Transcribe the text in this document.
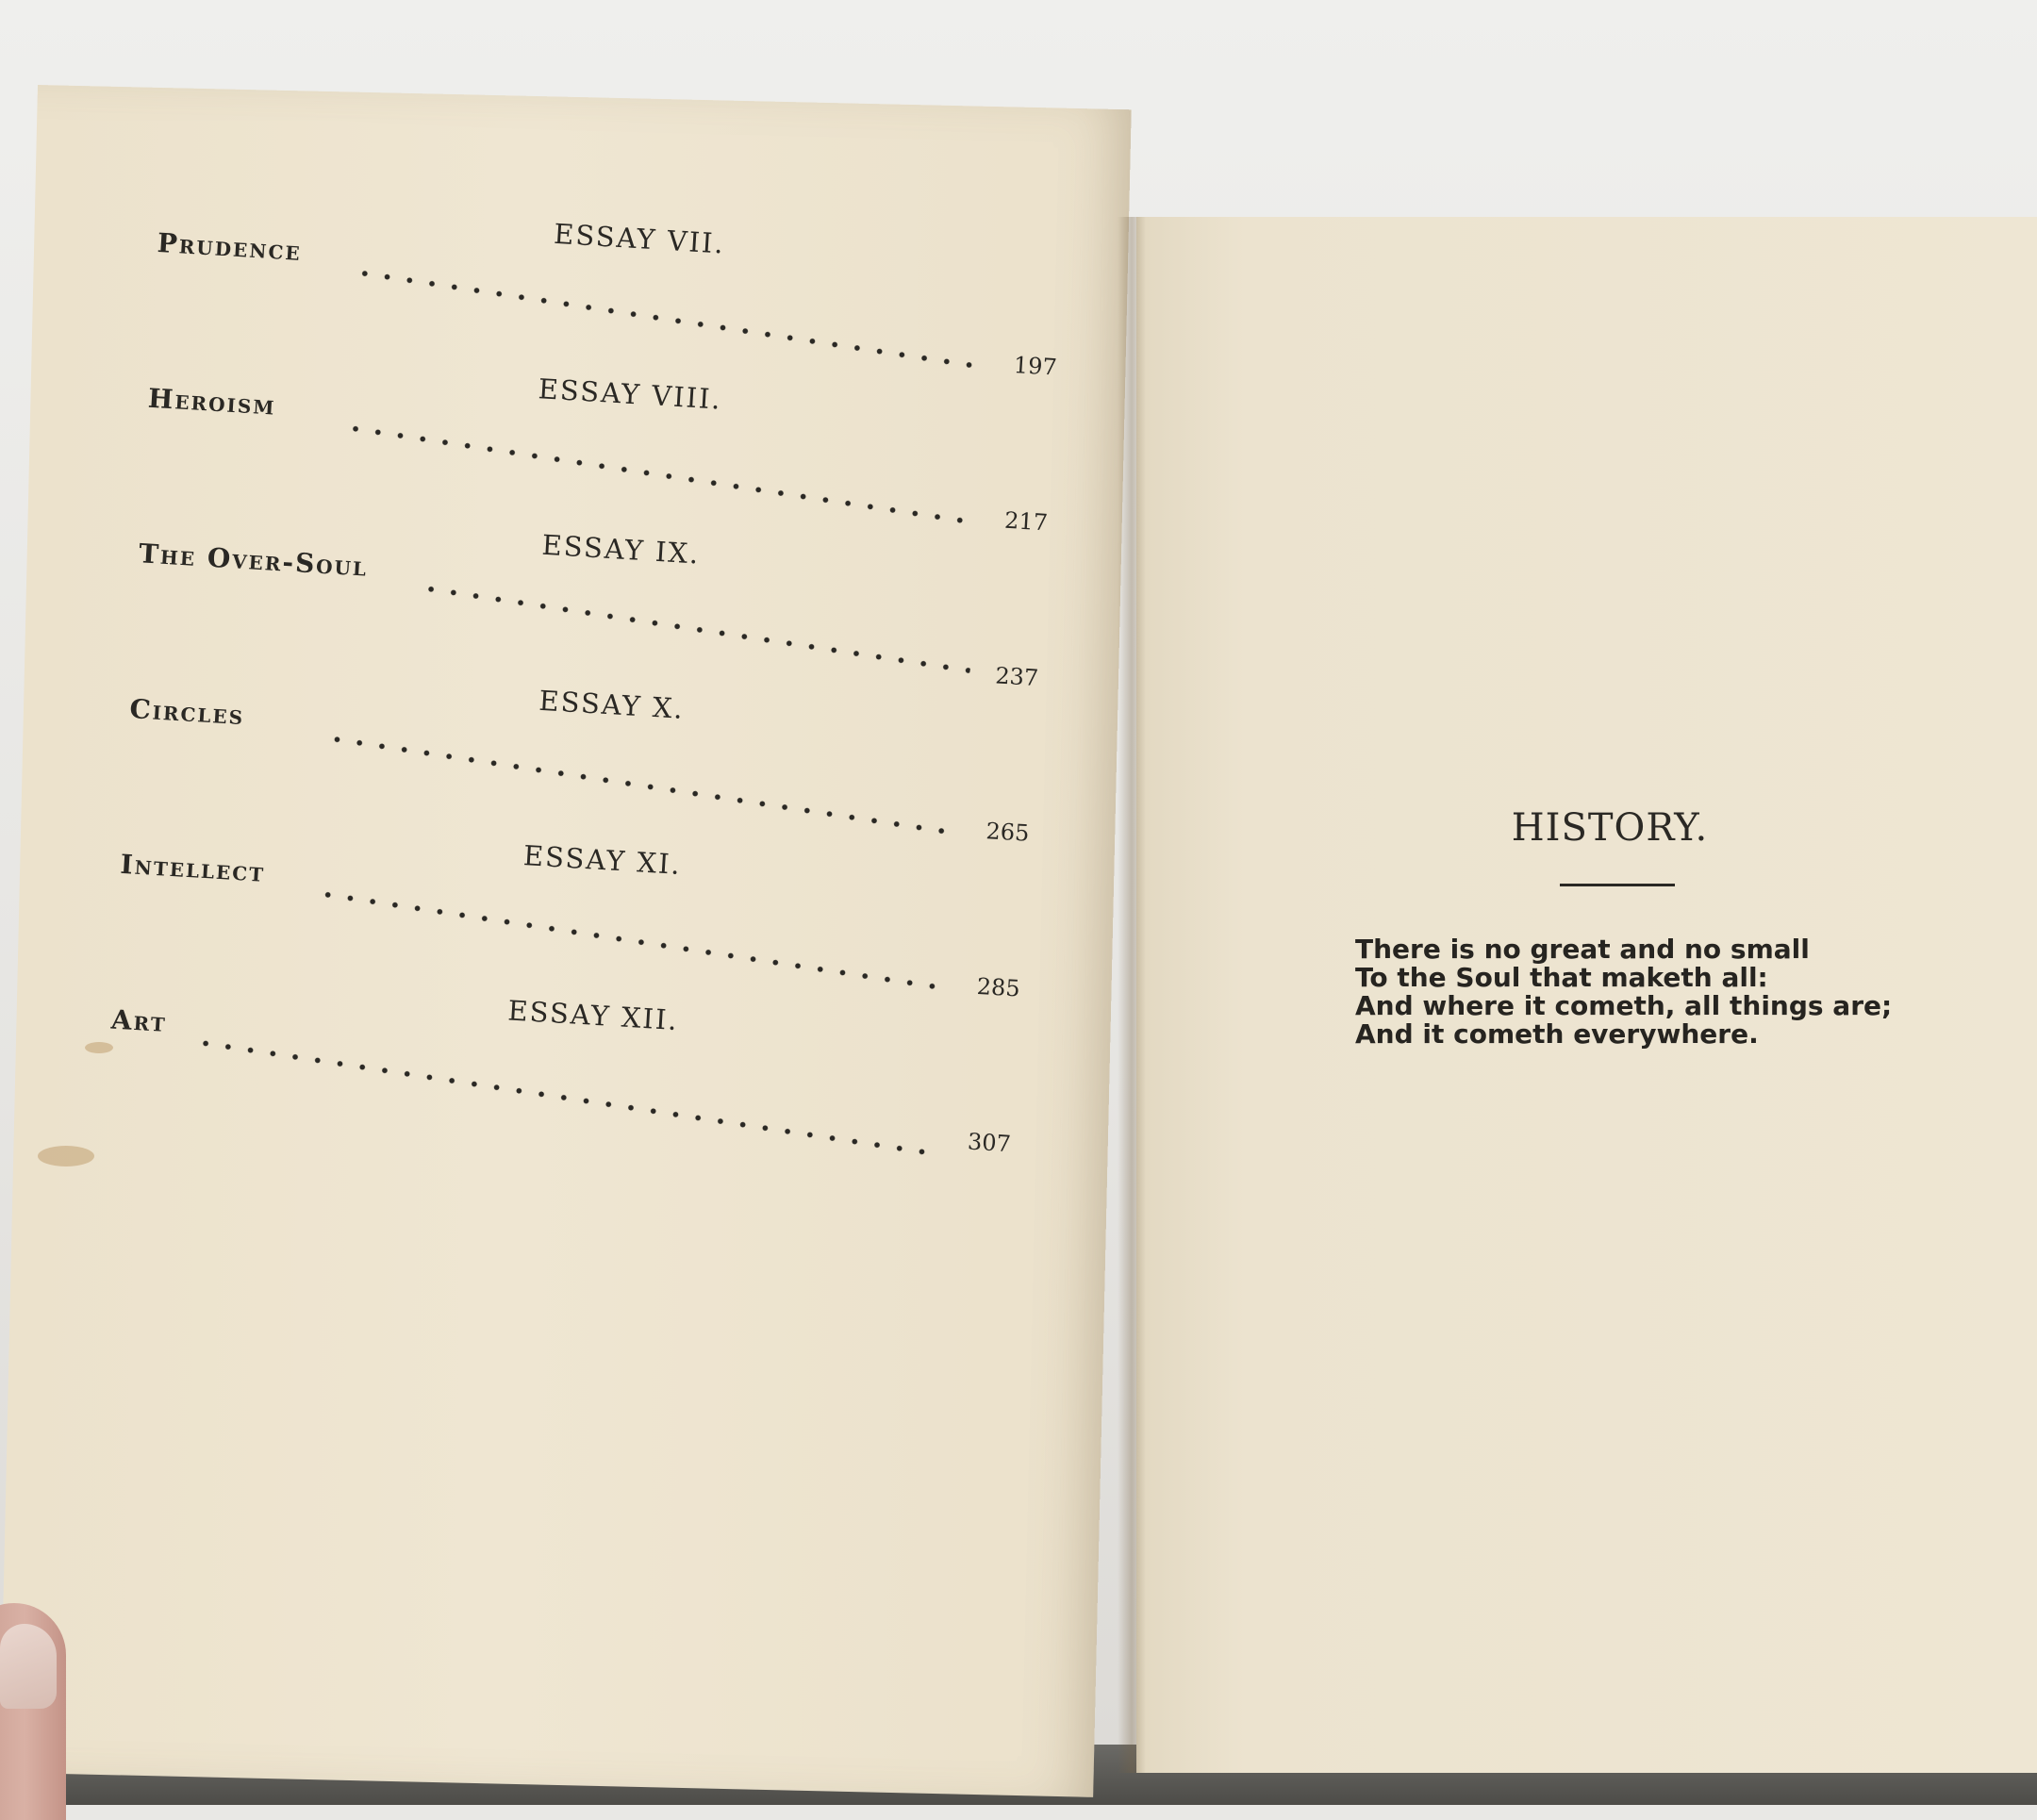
ESSAY VII.
Prudence
197
ESSAY VIII.
Heroism
217
ESSAY IX.
The Over-Soul
237
ESSAY X.
Circles
265
ESSAY XI.
Intellect
285
ESSAY XII.
Art
307
HISTORY.
There is no great and no small
To the Soul that maketh all:
And where it cometh, all things are;
And it cometh everywhere.
